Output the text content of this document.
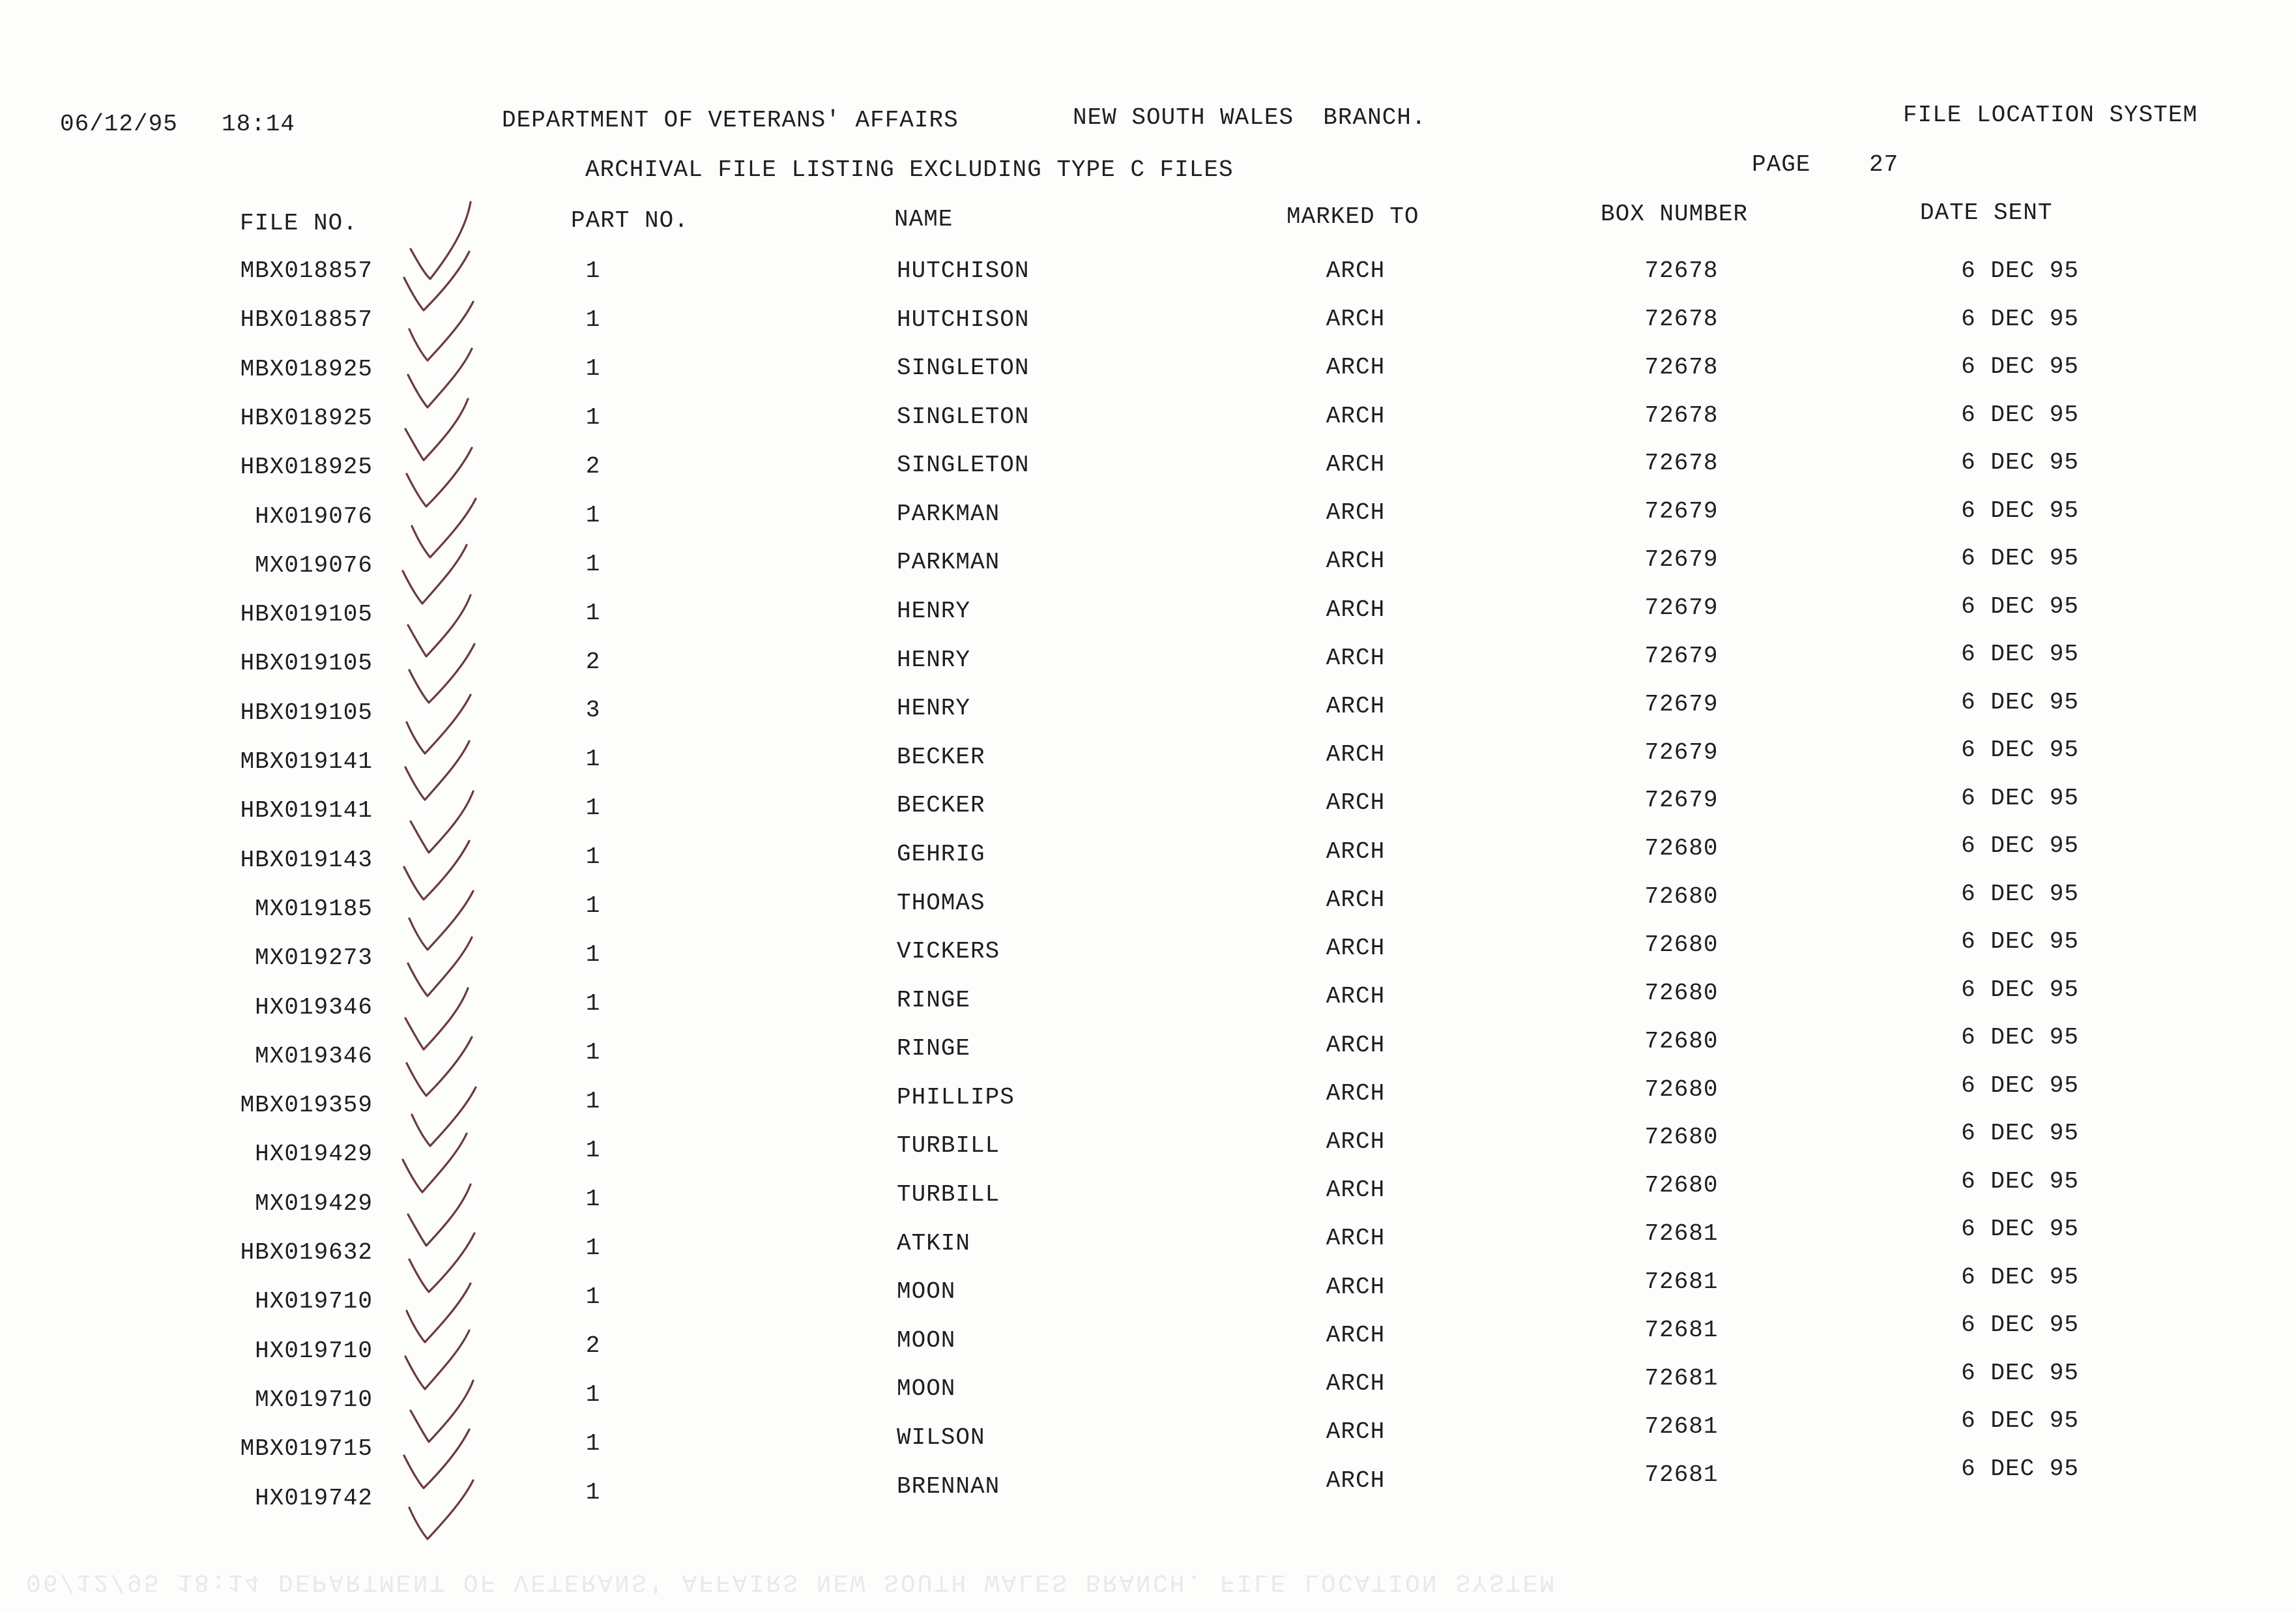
06/12/95 18:14	DEPARTMENT OF VETERANS' AFFAIRS	NEW SOUTH WALES  BRANCH.	FILE LOCATION SYSTEM
ARCHIVAL FILE LISTING EXCLUDING TYPE C FILES	PAGE 27
FILE NO.	PART NO.	NAME	MARKED TO	BOX NUMBER	DATE SENT
MBX018857	1	HUTCHISON	ARCH	72678	6 DEC 95
HBX018857	1	HUTCHISON	ARCH	72678	6 DEC 95
MBX018925	1	SINGLETON	ARCH	72678	6 DEC 95
HBX018925	1	SINGLETON	ARCH	72678	6 DEC 95
HBX018925	2	SINGLETON	ARCH	72678	6 DEC 95
HX019076	1	PARKMAN	ARCH	72679	6 DEC 95
MX019076	1	PARKMAN	ARCH	72679	6 DEC 95
HBX019105	1	HENRY	ARCH	72679	6 DEC 95
HBX019105	2	HENRY	ARCH	72679	6 DEC 95
HBX019105	3	HENRY	ARCH	72679	6 DEC 95
MBX019141	1	BECKER	ARCH	72679	6 DEC 95
HBX019141	1	BECKER	ARCH	72679	6 DEC 95
HBX019143	1	GEHRIG	ARCH	72680	6 DEC 95
MX019185	1	THOMAS	ARCH	72680	6 DEC 95
MX019273	1	VICKERS	ARCH	72680	6 DEC 95
HX019346	1	RINGE	ARCH	72680	6 DEC 95
MX019346	1	RINGE	ARCH	72680	6 DEC 95
MBX019359	1	PHILLIPS	ARCH	72680	6 DEC 95
HX019429	1	TURBILL	ARCH	72680	6 DEC 95
MX019429	1	TURBILL	ARCH	72680	6 DEC 95
HBX019632	1	ATKIN	ARCH	72681	6 DEC 95
HX019710	1	MOON	ARCH	72681	6 DEC 95
HX019710	2	MOON	ARCH	72681	6 DEC 95
MX019710	1	MOON	ARCH	72681	6 DEC 95
MBX019715	1	WILSON	ARCH	72681	6 DEC 95
HX019742	1	BRENNAN	ARCH	72681	6 DEC 95
06/12/95 18:14 DEPARTMENT OF VETERANS' AFFAIRS NEW SOUTH WALES BRANCH. FILE LOCATION SYSTEM
